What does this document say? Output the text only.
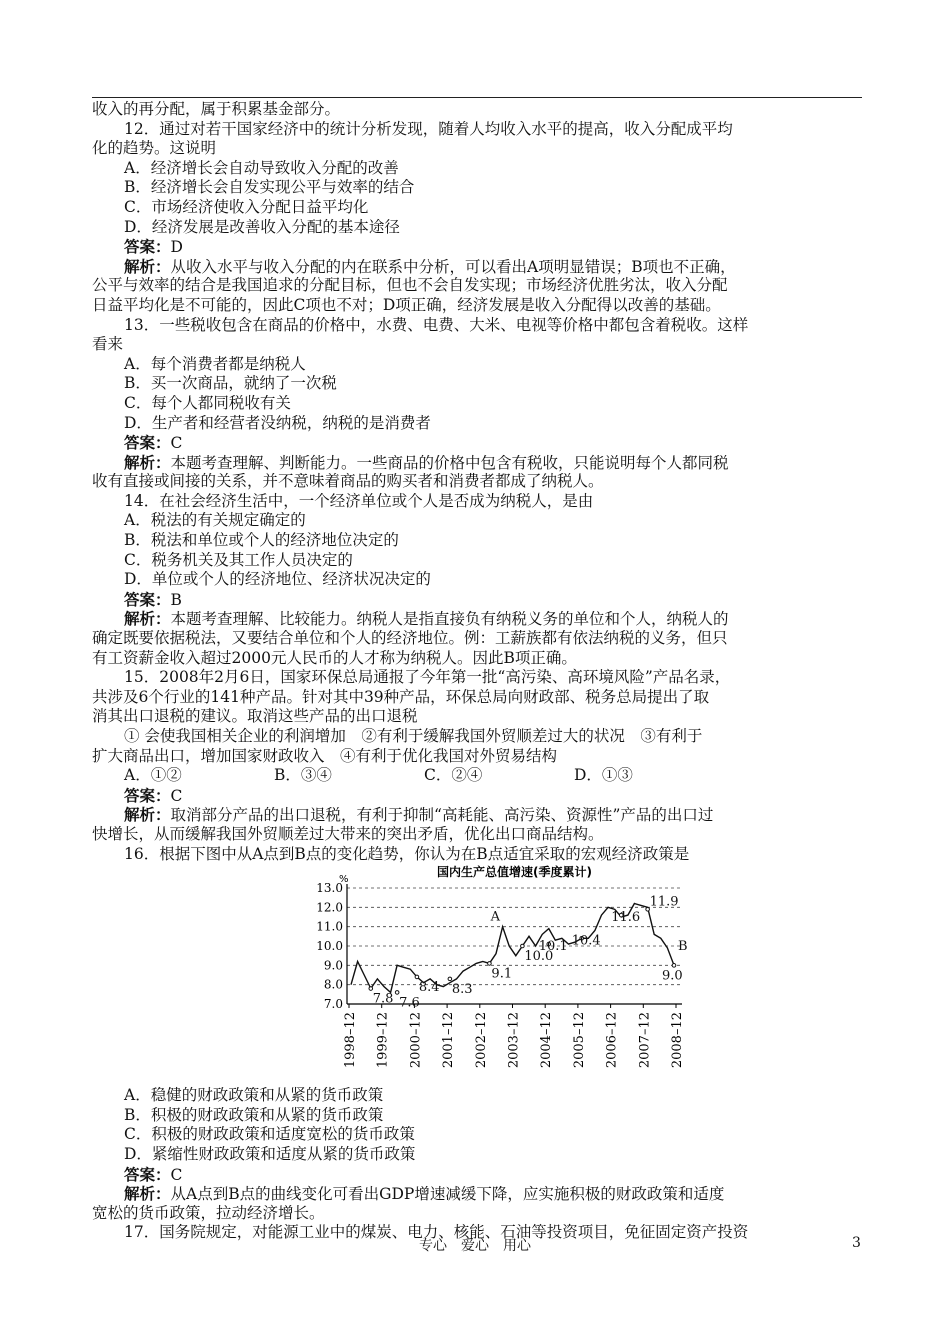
收入的再分配，属于积累基金部分。
12．通过对若干国家经济中的统计分析发现，随着人均收入水平的提高，收入分配成平均
化的趋势。这说明
A．经济增长会自动导致收入分配的改善
B．经济增长会自发实现公平与效率的结合
C．市场经济使收入分配日益平均化
D．经济发展是改善收入分配的基本途径
答案：D
解析：从收入水平与收入分配的内在联系中分析，可以看出A项明显错误；B项也不正确，
公平与效率的结合是我国追求的分配目标，但也不会自发实现；市场经济优胜劣汰，收入分配
日益平均化是不可能的，因此C项也不对；D项正确，经济发展是收入分配得以改善的基础。
13．一些税收包含在商品的价格中，水费、电费、大米、电视等价格中都包含着税收。这样
看来
A．每个消费者都是纳税人
B．买一次商品，就纳了一次税
C．每个人都同税收有关
D．生产者和经营者没纳税，纳税的是消费者
答案：C
解析：本题考查理解、判断能力。一些商品的价格中包含有税收，只能说明每个人都同税
收有直接或间接的关系，并不意味着商品的购买者和消费者都成了纳税人。
14．在社会经济生活中，一个经济单位或个人是否成为纳税人，是由
A．税法的有关规定确定的
B．税法和单位或个人的经济地位决定的
C．税务机关及其工作人员决定的
D．单位或个人的经济地位、经济状况决定的
答案：B
解析：本题考查理解、比较能力。纳税人是指直接负有纳税义务的单位和个人，纳税人的
确定既要依据税法，又要结合单位和个人的经济地位。例：工薪族都有依法纳税的义务，但只
有工资薪金收入超过2000元人民币的人才称为纳税人。因此B项正确。
15．2008年2月6日，国家环保总局通报了今年第一批“高污染、高环境风险”产品名录，
共涉及6个行业的141种产品。针对其中39种产品，环保总局向财政部、税务总局提出了取
消其出口退税的建议。取消这些产品的出口退税
① 会使我国相关企业的利润增加　②有利于缓解我国外贸顺差过大的状况　③有利于
扩大商品出口，增加国家财政收入　④有利于优化我国对外贸易结构
A．①②	B．③④	C．②④	D．①③
答案：C
解析：取消部分产品的出口退税，有利于抑制“高耗能、高污染、资源性”产品的出口过
快增长，从而缓解我国外贸顺差过大带来的突出矛盾，优化出口商品结构。
16．根据下图中从A点到B点的变化趋势，你认为在B点适宜采取的宏观经济政策是
国内生产总值增速(季度累计)
%
7.0
8.0
9.0
10.0
11.0
12.0
13.0
1998–12 1999–12 2000–12 2001–12 2002–12 2003–12 2004–12 2005–12 2006–12 2007–12 2008–12
7.8 7.6
8.4 8.3
9.1
A
10.0
10.1 10.4
11.6
11.9
B
9.0
A．稳健的财政政策和从紧的货币政策
B．积极的财政政策和从紧的货币政策
C．积极的财政政策和适度宽松的货币政策
D．紧缩性财政政策和适度从紧的货币政策
答案：C
解析：从A点到B点的曲线变化可看出GDP增速减缓下降，应实施积极的财政政策和适度
宽松的货币政策，拉动经济增长。
17．国务院规定，对能源工业中的煤炭、电力、核能、石油等投资项目，免征固定资产投资
专心　爱心　用心	3
